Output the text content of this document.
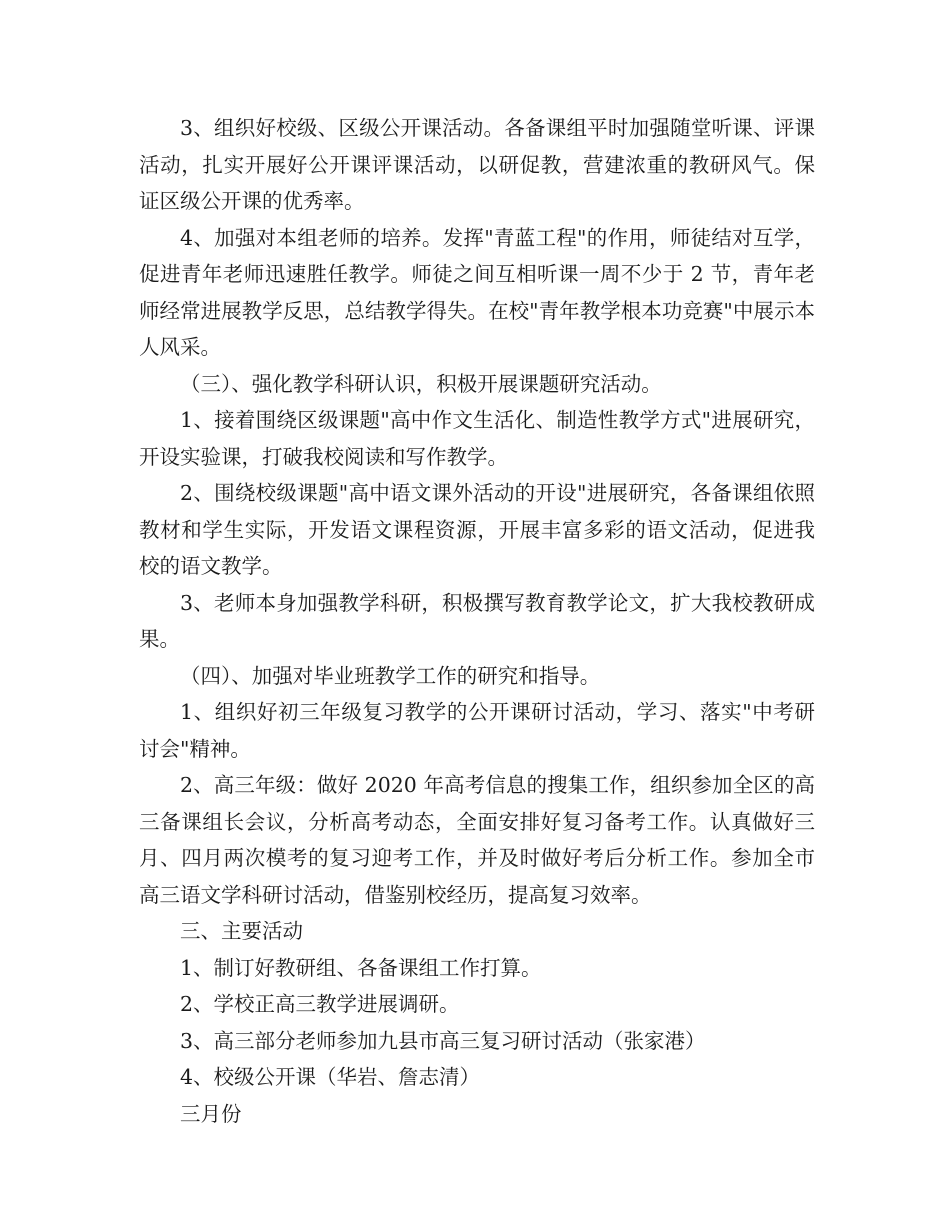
3、组织好校级、区级公开课活动。各备课组平时加强随堂听课、评课活动，扎实开展好公开课评课活动，以研促教，营建浓重的教研风气。保证区级公开课的优秀率。

4、加强对本组老师的培养。发挥"青蓝工程"的作用，师徒结对互学，促进青年老师迅速胜任教学。师徒之间互相听课一周不少于 2 节，青年老师经常进展教学反思，总结教学得失。在校"青年教学根本功竞赛"中展示本人风采。

（三）、强化教学科研认识，积极开展课题研究活动。

1、接着围绕区级课题"高中作文生活化、制造性教学方式"进展研究，开设实验课，打破我校阅读和写作教学。

2、围绕校级课题"高中语文课外活动的开设"进展研究，各备课组依照教材和学生实际，开发语文课程资源，开展丰富多彩的语文活动，促进我校的语文教学。

3、老师本身加强教学科研，积极撰写教育教学论文，扩大我校教研成果。

（四）、加强对毕业班教学工作的研究和指导。

1、组织好初三年级复习教学的公开课研讨活动，学习、落实"中考研讨会"精神。

2、高三年级：做好 2020 年高考信息的搜集工作，组织参加全区的高三备课组长会议，分析高考动态，全面安排好复习备考工作。认真做好三月、四月两次模考的复习迎考工作，并及时做好考后分析工作。参加全市高三语文学科研讨活动，借鉴别校经历，提高复习效率。

三、主要活动

1、制订好教研组、各备课组工作打算。

2、学校正高三教学进展调研。

3、高三部分老师参加九县市高三复习研讨活动（张家港）

4、校级公开课（华岩、詹志清）

三月份
